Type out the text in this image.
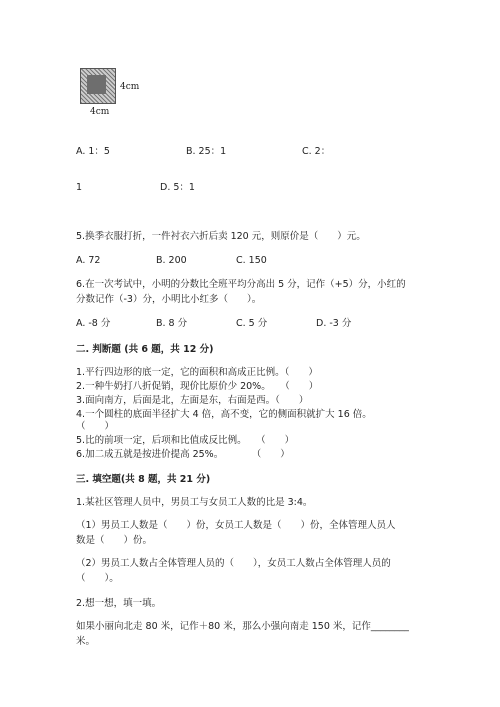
4cm
4cm
A. 1：5	B. 25：1	C. 2：
1	D. 5：1
5.换季衣服打折，一件衬衣六折后卖 120 元，则原价是（　　）元。
A. 72	B. 200	C. 150
6.在一次考试中，小明的分数比全班平均分高出 5 分，记作（+5）分，小红的
分数记作（-3）分，小明比小红多（　　）。
A. -8 分	B. 8 分	C. 5 分	D. -3 分
二. 判断题 (共 6 题，共 12 分)
1.平行四边形的底一定，它的面积和高成正比例。（　　）
2.一种牛奶打八折促销，现价比原价少 20%。　　（　　）
3.面向南方，后面是北，左面是东，右面是西。（　　）
4.一个圆柱的底面半径扩大 4 倍，高不变，它的侧面积就扩大 16 倍。
（　　）
5.比的前项一定，后项和比值成反比例。　　（　　）
6.加二成五就是按进价提高 25%。　　　　（　　）
三. 填空题(共 8 题，共 21 分)
1.某社区管理人员中，男员工与女员工人数的比是 3:4。
（1）男员工人数是（　　）份，女员工人数是（　　）份，全体管理人员人
数是（　　）份。
（2）男员工人数占全体管理人员的（　　），女员工人数占全体管理人员的
（　　）。
2.想一想，填一填。
如果小丽向北走 80 米，记作＋80 米，那么小强向南走 150 米，记作________
米。
